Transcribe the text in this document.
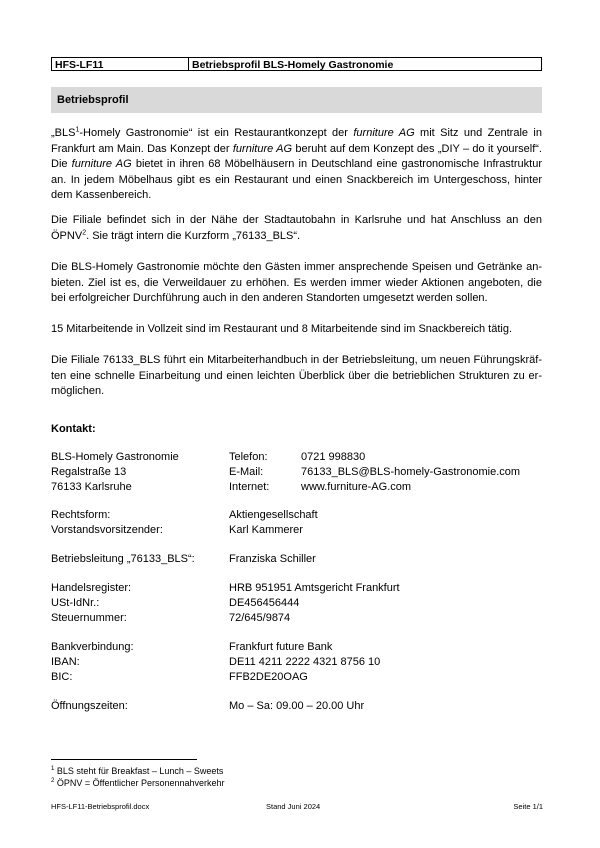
HFS-LF11	Betriebsprofil BLS-Homely Gastronomie
Betriebsprofil

„BLS$^1$-Homely Gastronomie“ ist ein Restaurantkonzept der furniture AG mit Sitz und Zentrale in Frankfurt am Main. Das Konzept der furniture AG beruht auf dem Konzept des „DIY – do it yourself“. Die furniture AG bietet in ihren 68 Möbelhäusern in Deutschland eine gastronomische Infrastruktur an. In jedem Möbelhaus gibt es ein Restaurant und einen Snackbereich im Untergeschoss, hinter dem Kassenbereich.

Die Filiale befindet sich in der Nähe der Stadtautobahn in Karlsruhe und hat Anschluss an den ÖPNV$^2$. Sie trägt intern die Kurzform „76133_BLS“.

Die BLS-Homely Gastronomie möchte den Gästen immer ansprechende Speisen und Getränke an-bieten. Ziel ist es, die Verweildauer zu erhöhen. Es werden immer wieder Aktionen angeboten, die bei erfolgreicher Durchführung auch in den anderen Standorten umgesetzt werden sollen.

15 Mitarbeitende in Vollzeit sind im Restaurant und 8 Mitarbeitende sind im Snackbereich tätig.

Die Filiale 76133_BLS führt ein Mitarbeiterhandbuch in der Betriebsleitung, um neuen Führungskräf-ten eine schnelle Einarbeitung und einen leichten Überblick über die betrieblichen Strukturen zu er-möglichen.

Kontakt:
BLS-Homely Gastronomie	Telefon:	0721 998830
Regalstraße 13	E-Mail:	76133_BLS@BLS-homely-Gastronomie.com
76133 Karlsruhe	Internet:	www.furniture-AG.com
Rechtsform:	Aktiengesellschaft
Vorstandsvorsitzender:	Karl Kammerer
Betriebsleitung „76133_BLS“:	Franziska Schiller
Handelsregister:	HRB 951951 Amtsgericht Frankfurt
USt-IdNr.:	DE456456444
Steuernummer:	72/645/9874
Bankverbindung:	Frankfurt future Bank
IBAN:	DE11 4211 2222 4321 8756 10
BIC:	FFB2DE20OAG
Öffnungszeiten:	Mo – Sa: 09.00 – 20.00 Uhr
$^1$ BLS steht für Breakfast – Lunch – Sweets
$^2$ ÖPNV = Öffentlicher Personennahverkehr
HFS-LF11-Betriebsprofil.docx	Stand Juni 2024	Seite 1/1
